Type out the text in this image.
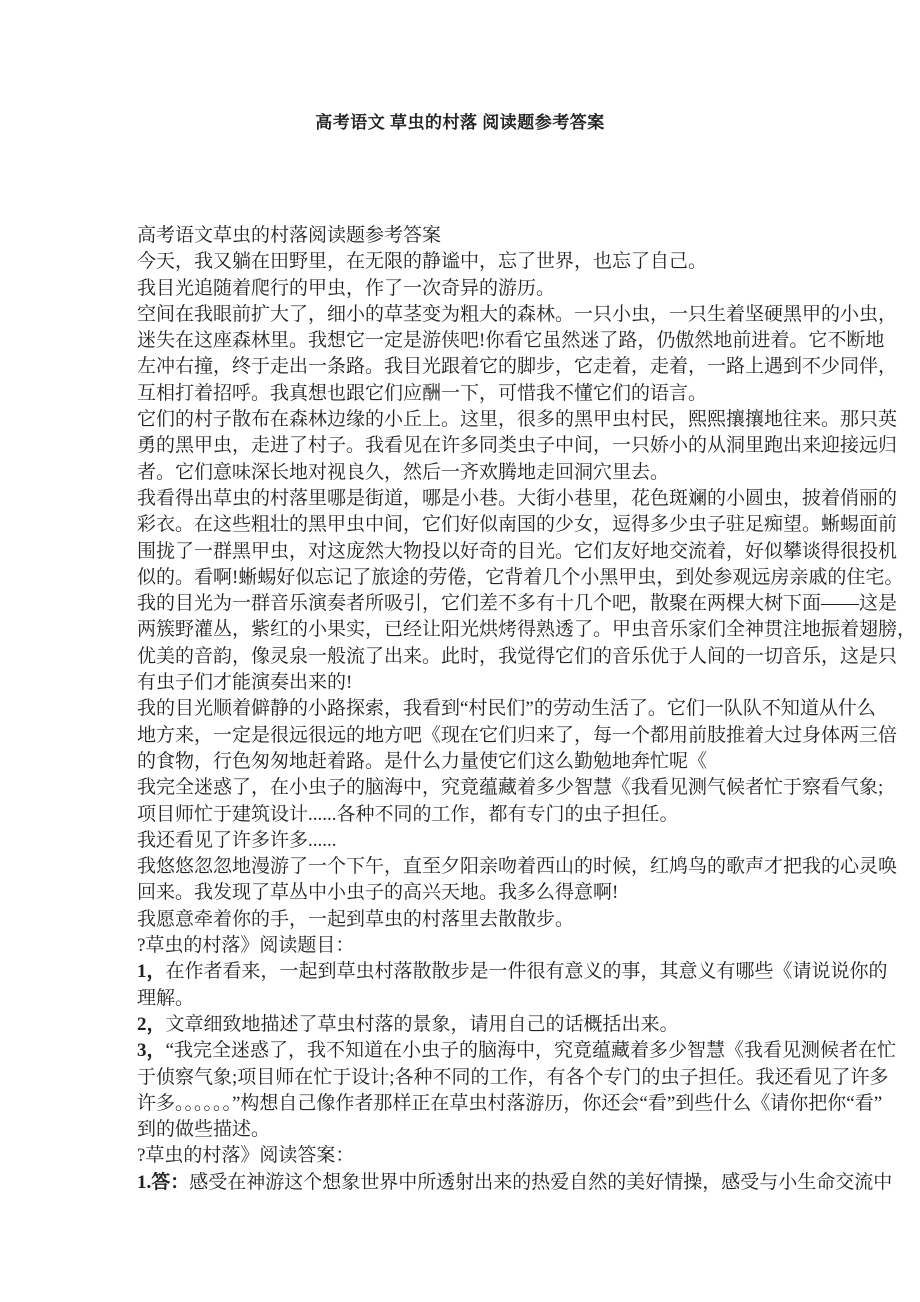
高考语文 草虫的村落 阅读题参考答案
高考语文草虫的村落阅读题参考答案
今天，我又躺在田野里，在无限的静谧中，忘了世界，也忘了自己。
我目光追随着爬行的甲虫，作了一次奇异的游历。
空间在我眼前扩大了，细小的草茎变为粗大的森林。一只小虫，一只生着坚硬黑甲的小虫，
迷失在这座森林里。我想它一定是游侠吧!你看它虽然迷了路，仍傲然地前进着。它不断地
左冲右撞，终于走出一条路。我目光跟着它的脚步，它走着，走着，一路上遇到不少同伴，
互相打着招呼。我真想也跟它们应酬一下，可惜我不懂它们的语言。
它们的村子散布在森林边缘的小丘上。这里，很多的黑甲虫村民，熙熙攘攘地往来。那只英
勇的黑甲虫，走进了村子。我看见在许多同类虫子中间，一只娇小的从洞里跑出来迎接远归
者。它们意味深长地对视良久，然后一齐欢腾地走回洞穴里去。
我看得出草虫的村落里哪是街道，哪是小巷。大街小巷里，花色斑斓的小圆虫，披着俏丽的
彩衣。在这些粗壮的黑甲虫中间，它们好似南国的少女，逗得多少虫子驻足痴望。蜥蜴面前
围拢了一群黑甲虫，对这庞然大物投以好奇的目光。它们友好地交流着，好似攀谈得很投机
似的。看啊!蜥蜴好似忘记了旅途的劳倦，它背着几个小黑甲虫，到处参观远房亲戚的住宅。
我的目光为一群音乐演奏者所吸引，它们差不多有十几个吧，散聚在两棵大树下面——这是
两簇野灌丛，紫红的小果实，已经让阳光烘烤得熟透了。甲虫音乐家们全神贯注地振着翅膀，
优美的音韵，像灵泉一般流了出来。此时，我觉得它们的音乐优于人间的一切音乐，这是只
有虫子们才能演奏出来的!
我的目光顺着僻静的小路探索，我看到“村民们”的劳动生活了。它们一队队不知道从什么
地方来，一定是很远很远的地方吧《现在它们归来了，每一个都用前肢推着大过身体两三倍
的食物，行色匆匆地赶着路。是什么力量使它们这么勤勉地奔忙呢《
我完全迷惑了，在小虫子的脑海中，究竟蕴藏着多少智慧《我看见测气候者忙于察看气象;
项目师忙于建筑设计......各种不同的工作，都有专门的虫子担任。
我还看见了许多许多......
我悠悠忽忽地漫游了一个下午，直至夕阳亲吻着西山的时候，红鸠鸟的歌声才把我的心灵唤
回来。我发现了草丛中小虫子的高兴天地。我多么得意啊!
我愿意牵着你的手，一起到草虫的村落里去散散步。
?草虫的村落》阅读题目：
1，在作者看来，一起到草虫村落散散步是一件很有意义的事，其意义有哪些《请说说你的
理解。
2，文章细致地描述了草虫村落的景象，请用自己的话概括出来。
3，“我完全迷惑了，我不知道在小虫子的脑海中，究竟蕴藏着多少智慧《我看见测候者在忙
于侦察气象;项目师在忙于设计;各种不同的工作，有各个专门的虫子担任。我还看见了许多
许多。。。。。。”构想自己像作者那样正在草虫村落游历，你还会“看”到些什么《请你把你“看”
到的做些描述。
?草虫的村落》阅读答案：
1.答：感受在神游这个想象世界中所透射出来的热爱自然的美好情操，感受与小生命交流中
